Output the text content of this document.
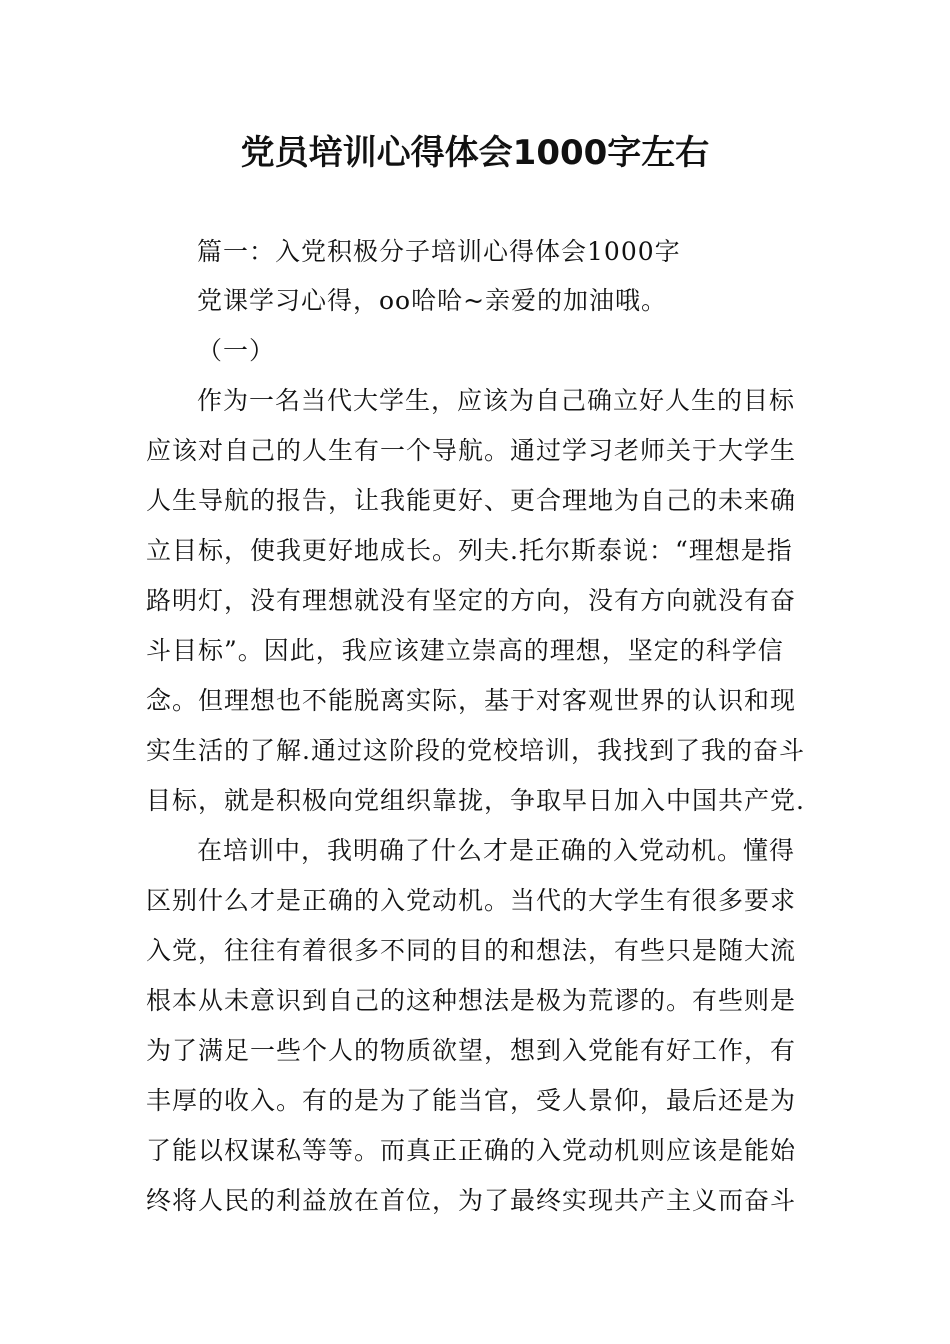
党员培训心得体会1000字左右
篇一：入党积极分子培训心得体会1000字
党课学习心得，oo哈哈~亲爱的加油哦。
（一）
作为一名当代大学生，应该为自己确立好人生的目标
应该对自己的人生有一个导航。通过学习老师关于大学生
人生导航的报告，让我能更好、更合理地为自己的未来确
立目标，使我更好地成长。列夫.托尔斯泰说：“理想是指
路明灯，没有理想就没有坚定的方向，没有方向就没有奋
斗目标”。因此，我应该建立崇高的理想，坚定的科学信
念。但理想也不能脱离实际，基于对客观世界的认识和现
实生活的了解.通过这阶段的党校培训，我找到了我的奋斗
目标，就是积极向党组织靠拢，争取早日加入中国共产党.
在培训中，我明确了什么才是正确的入党动机。懂得
区别什么才是正确的入党动机。当代的大学生有很多要求
入党，往往有着很多不同的目的和想法，有些只是随大流
根本从未意识到自己的这种想法是极为荒谬的。有些则是
为了满足一些个人的物质欲望，想到入党能有好工作，有
丰厚的收入。有的是为了能当官，受人景仰，最后还是为
了能以权谋私等等。而真正正确的入党动机则应该是能始
终将人民的利益放在首位，为了最终实现共产主义而奋斗
